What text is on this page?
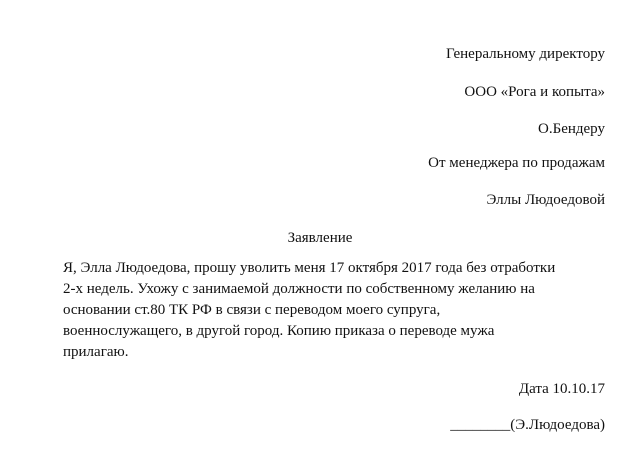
Генеральному директору
ООО «Рога и копыта»
О.Бендеру
От менеджера по продажам
Эллы Людоедовой
Заявление
Я, Элла Людоедова, прошу уволить меня 17 октября 2017 года без отработки
2-х недель. Ухожу с занимаемой должности по собственному желанию на
основании ст.80 ТК РФ в связи с переводом моего супруга,
военнослужащего, в другой город. Копию приказа о переводе мужа
прилагаю.
Дата 10.10.17
________(Э.Людоедова)
